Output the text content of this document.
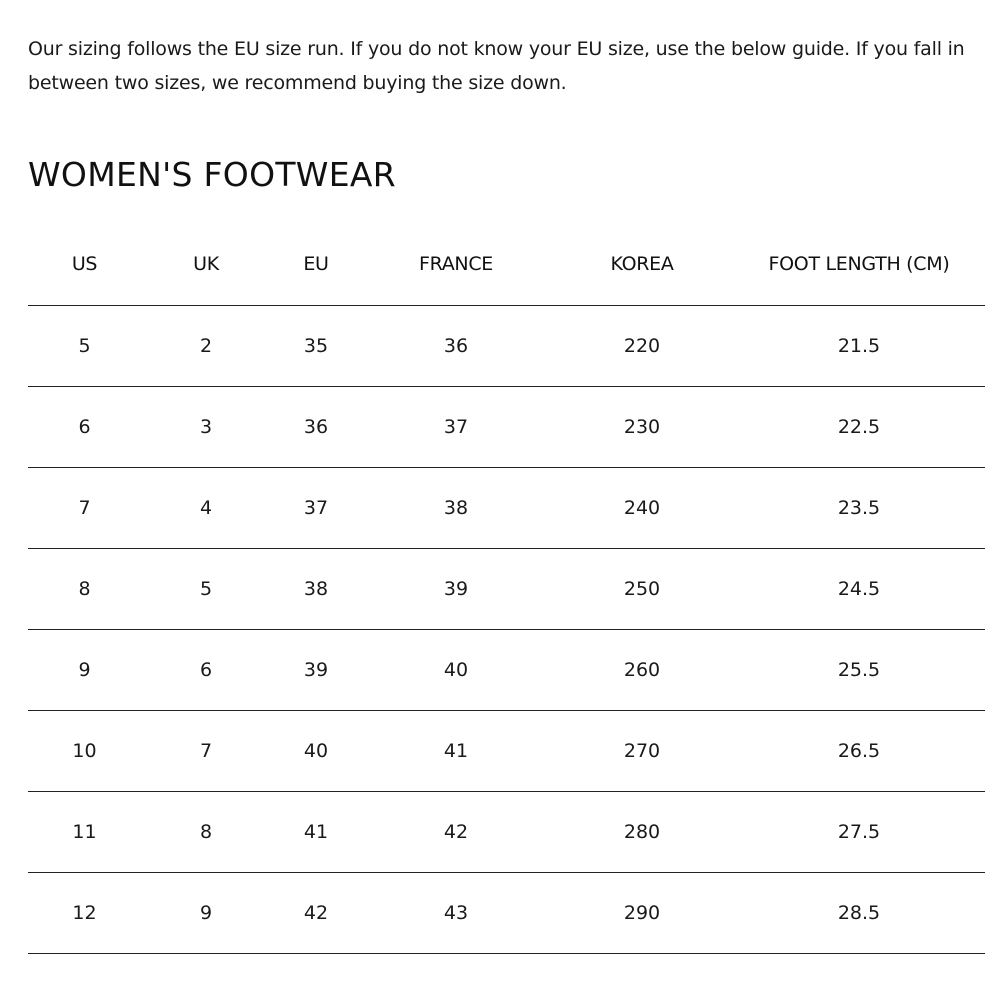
Our sizing follows the EU size run. If you do not know your EU size, use the below guide. If you fall in between two sizes, we recommend buying the size down.

WOMEN'S FOOTWEAR
US	UK	EU	FRANCE	KOREA	FOOT LENGTH (CM)
5	2	35	36	220	21.5
6	3	36	37	230	22.5
7	4	37	38	240	23.5
8	5	38	39	250	24.5
9	6	39	40	260	25.5
10	7	40	41	270	26.5
11	8	41	42	280	27.5
12	9	42	43	290	28.5
